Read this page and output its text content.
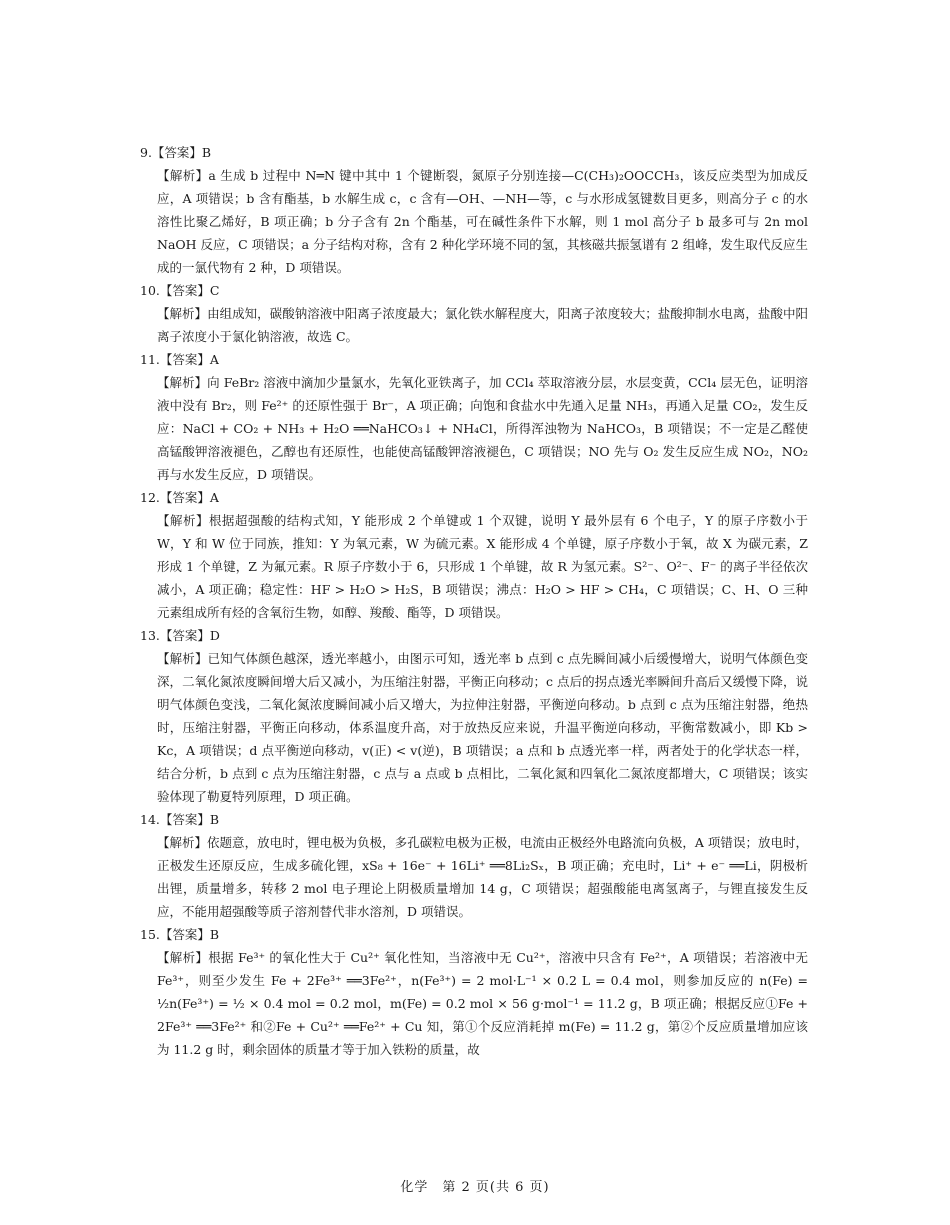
9.【答案】B
【解析】a 生成 b 过程中 N═N 键中其中 1 个键断裂，氮原子分别连接—C(CH₃)₂OOCCH₃，该反应类型为加成反应，A 项错误；b 含有酯基，b 水解生成 c，c 含有—OH、—NH—等，c 与水形成氢键数目更多，则高分子 c 的水溶性比聚乙烯好，B 项正确；b 分子含有 2n 个酯基，可在碱性条件下水解，则 1 mol 高分子 b 最多可与 2n mol NaOH 反应，C 项错误；a 分子结构对称，含有 2 种化学环境不同的氢，其核磁共振氢谱有 2 组峰，发生取代反应生成的一氯代物有 2 种，D 项错误。
10.【答案】C
【解析】由组成知，碳酸钠溶液中阳离子浓度最大；氯化铁水解程度大，阳离子浓度较大；盐酸抑制水电离，盐酸中阳离子浓度小于氯化钠溶液，故选 C。
11.【答案】A
【解析】向 FeBr₂ 溶液中滴加少量氯水，先氧化亚铁离子，加 CCl₄ 萃取溶液分层，水层变黄，CCl₄ 层无色，证明溶液中没有 Br₂，则 Fe²⁺ 的还原性强于 Br⁻，A 项正确；向饱和食盐水中先通入足量 NH₃，再通入足量 CO₂，发生反应：NaCl + CO₂ + NH₃ + H₂O ══NaHCO₃↓ + NH₄Cl，所得浑浊物为 NaHCO₃，B 项错误；不一定是乙醛使高锰酸钾溶液褪色，乙醇也有还原性，也能使高锰酸钾溶液褪色，C 项错误；NO 先与 O₂ 发生反应生成 NO₂，NO₂ 再与水发生反应，D 项错误。
12.【答案】A
【解析】根据超强酸的结构式知，Y 能形成 2 个单键或 1 个双键，说明 Y 最外层有 6 个电子，Y 的原子序数小于 W，Y 和 W 位于同族，推知：Y 为氧元素，W 为硫元素。X 能形成 4 个单键，原子序数小于氧，故 X 为碳元素，Z 形成 1 个单键，Z 为氟元素。R 原子序数小于 6，只形成 1 个单键，故 R 为氢元素。S²⁻、O²⁻、F⁻ 的离子半径依次减小，A 项正确；稳定性：HF > H₂O > H₂S，B 项错误；沸点：H₂O > HF > CH₄，C 项错误；C、H、O 三种元素组成所有烃的含氧衍生物，如醇、羧酸、酯等，D 项错误。
13.【答案】D
【解析】已知气体颜色越深，透光率越小，由图示可知，透光率 b 点到 c 点先瞬间减小后缓慢增大，说明气体颜色变深，二氧化氮浓度瞬间增大后又减小，为压缩注射器，平衡正向移动；c 点后的拐点透光率瞬间升高后又缓慢下降，说明气体颜色变浅，二氧化氮浓度瞬间减小后又增大，为拉伸注射器，平衡逆向移动。b 点到 c 点为压缩注射器，绝热时，压缩注射器，平衡正向移动，体系温度升高，对于放热反应来说，升温平衡逆向移动，平衡常数减小，即 Kb > Kc，A 项错误；d 点平衡逆向移动，v(正) < v(逆)，B 项错误；a 点和 b 点透光率一样，两者处于的化学状态一样，结合分析，b 点到 c 点为压缩注射器，c 点与 a 点或 b 点相比，二氧化氮和四氧化二氮浓度都增大，C 项错误；该实验体现了勒夏特列原理，D 项正确。
14.【答案】B
【解析】依题意，放电时，锂电极为负极，多孔碳粒电极为正极，电流由正极经外电路流向负极，A 项错误；放电时，正极发生还原反应，生成多硫化锂，xS₈ + 16e⁻ + 16Li⁺ ══8Li₂Sₓ，B 项正确；充电时，Li⁺ + e⁻ ══Li，阴极析出锂，质量增多，转移 2 mol 电子理论上阴极质量增加 14 g，C 项错误；超强酸能电离氢离子，与锂直接发生反应，不能用超强酸等质子溶剂替代非水溶剂，D 项错误。
15.【答案】B
【解析】根据 Fe³⁺ 的氧化性大于 Cu²⁺ 氧化性知，当溶液中无 Cu²⁺，溶液中只含有 Fe²⁺，A 项错误；若溶液中无 Fe³⁺，则至少发生 Fe + 2Fe³⁺ ══3Fe²⁺，n(Fe³⁺) = 2 mol·L⁻¹ × 0.2 L = 0.4 mol，则参加反应的 n(Fe) = ½n(Fe³⁺) = ½ × 0.4 mol = 0.2 mol，m(Fe) = 0.2 mol × 56 g·mol⁻¹ = 11.2 g，B 项正确；根据反应①Fe + 2Fe³⁺ ══3Fe²⁺ 和②Fe + Cu²⁺ ══Fe²⁺ + Cu 知，第①个反应消耗掉 m(Fe) = 11.2 g，第②个反应质量增加应该为 11.2 g 时，剩余固体的质量才等于加入铁粉的质量，故
化学　第 2 页(共 6 页)
